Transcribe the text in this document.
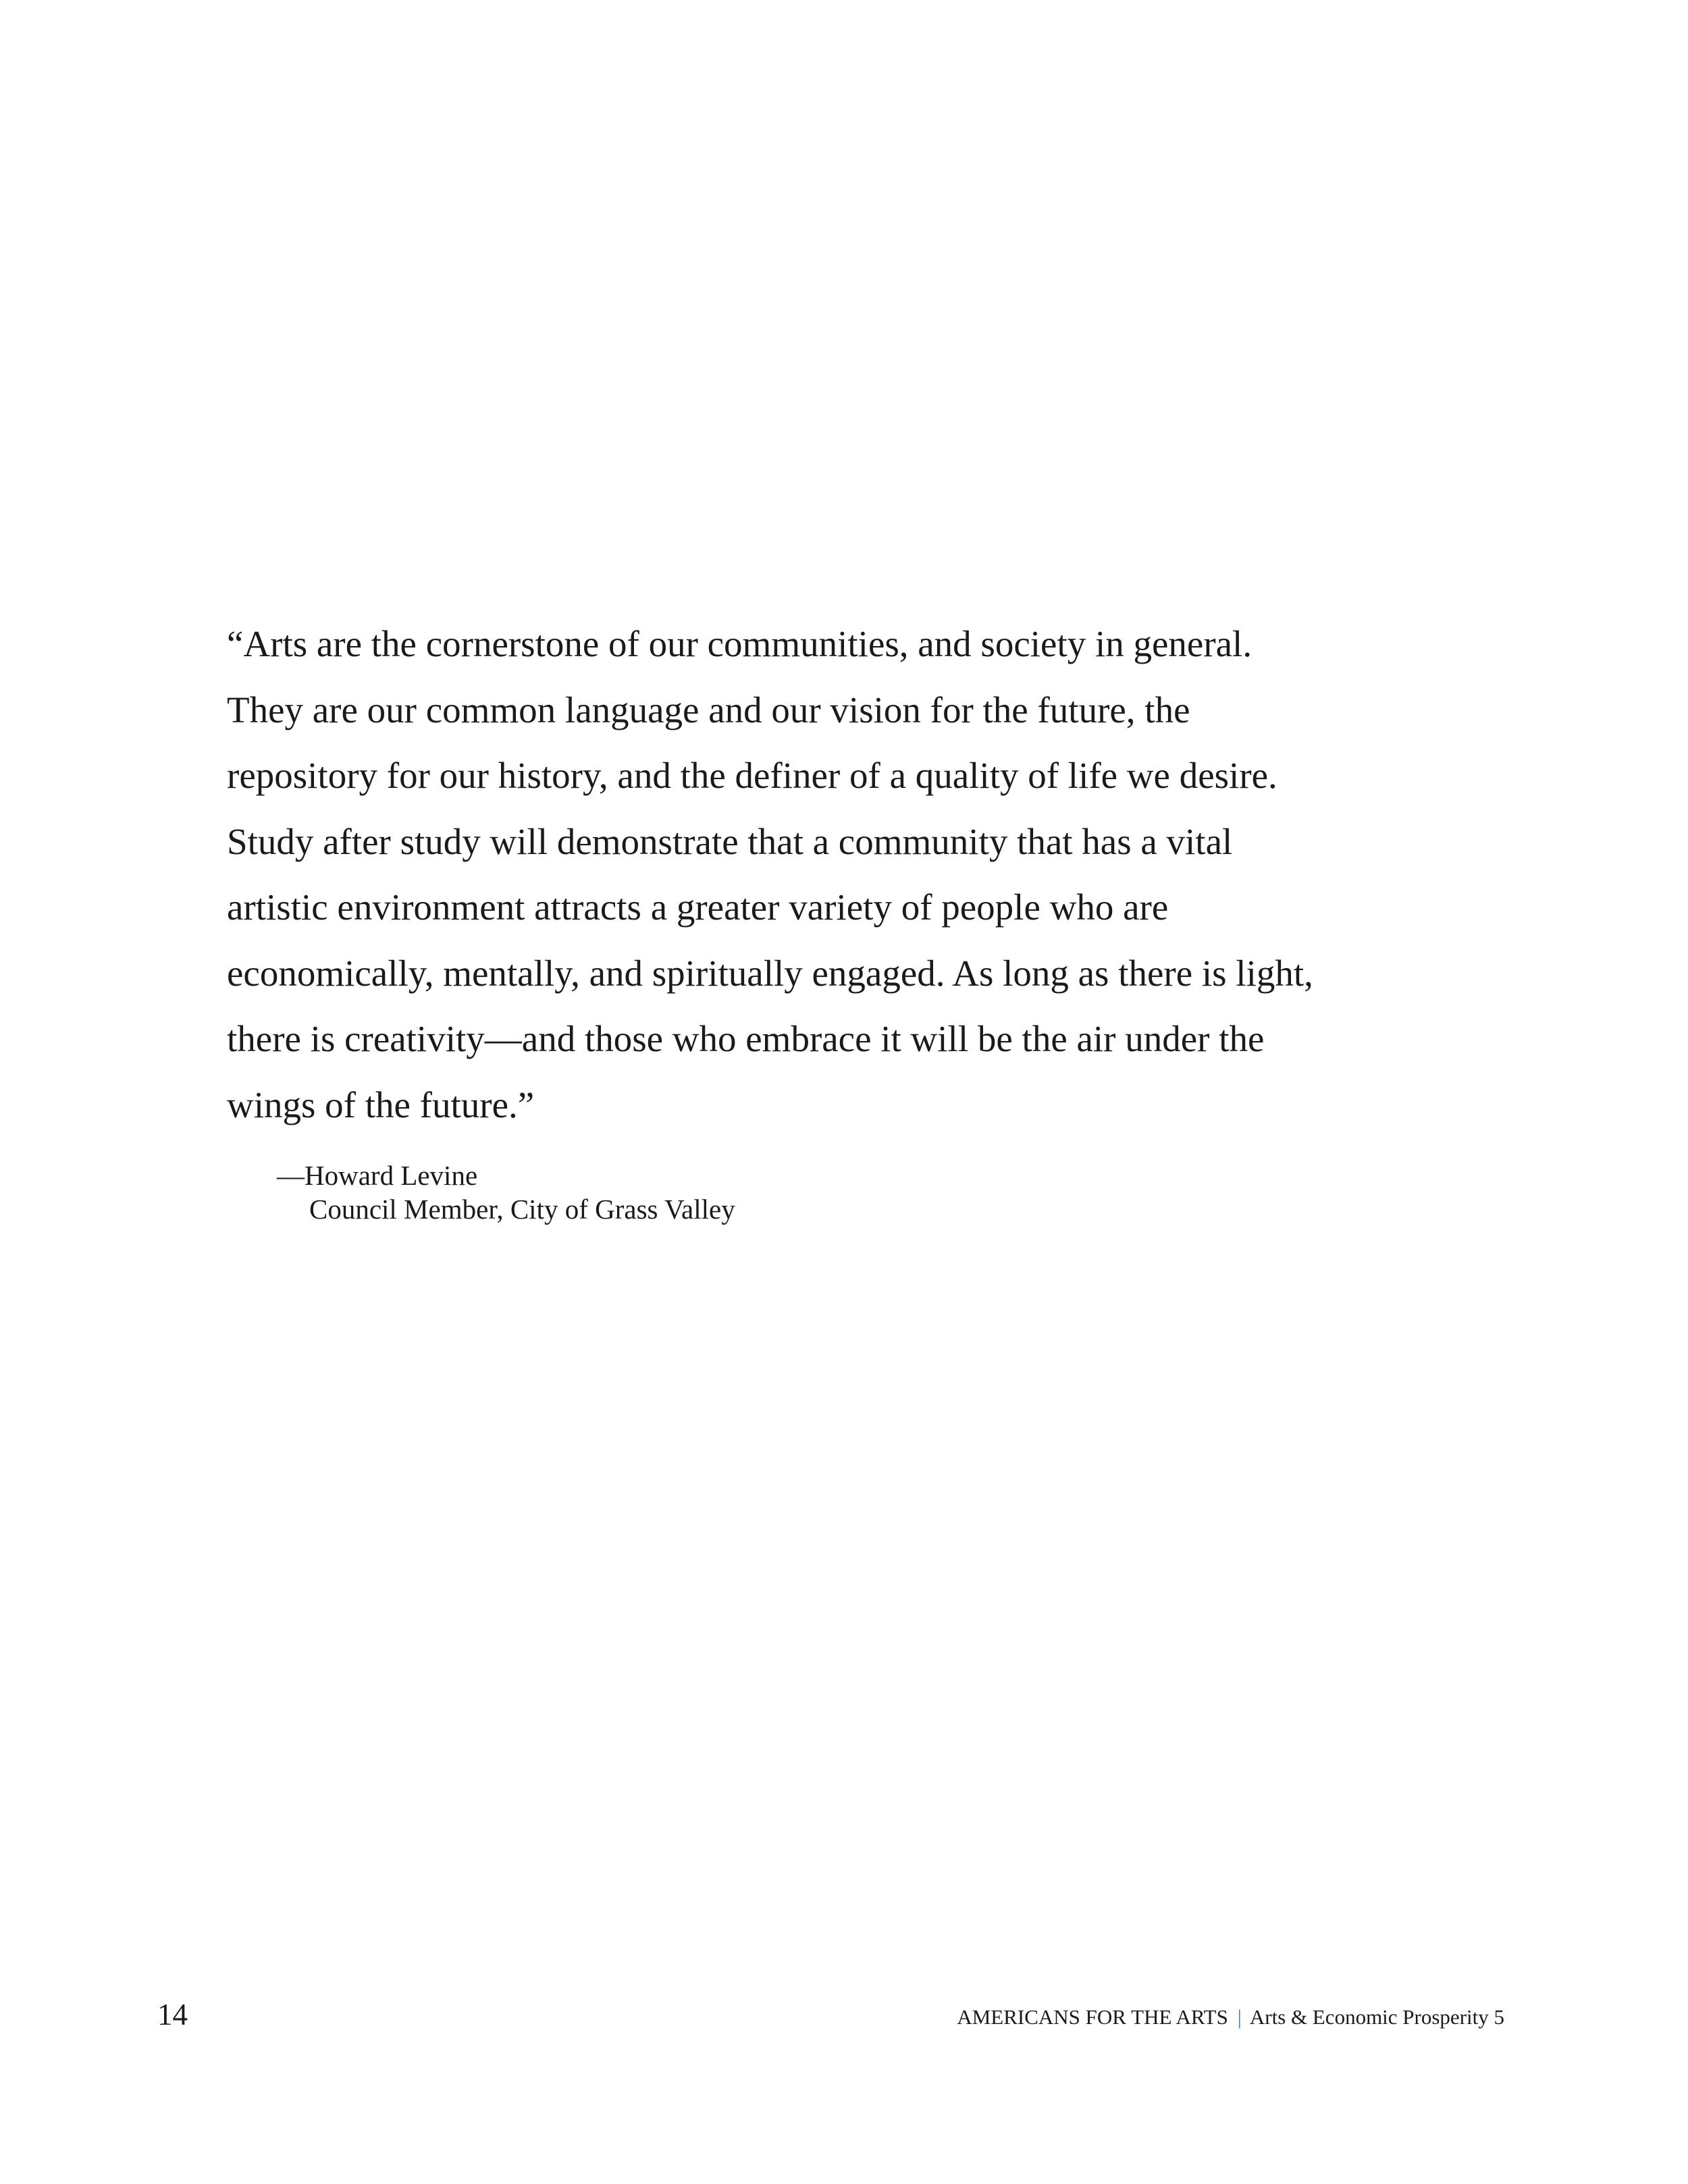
“Arts are the cornerstone of our communities, and society in general.
They are our common language and our vision for the future, the
repository for our history, and the definer of a quality of life we desire.
Study after study will demonstrate that a community that has a vital
artistic environment attracts a greater variety of people who are
economically, mentally, and spiritually engaged. As long as there is light,
there is creativity—and those who embrace it will be the air under the
wings of the future.”
—Howard Levine
Council Member, City of Grass Valley
14	AMERICANS FOR THE ARTS | Arts & Economic Prosperity 5
